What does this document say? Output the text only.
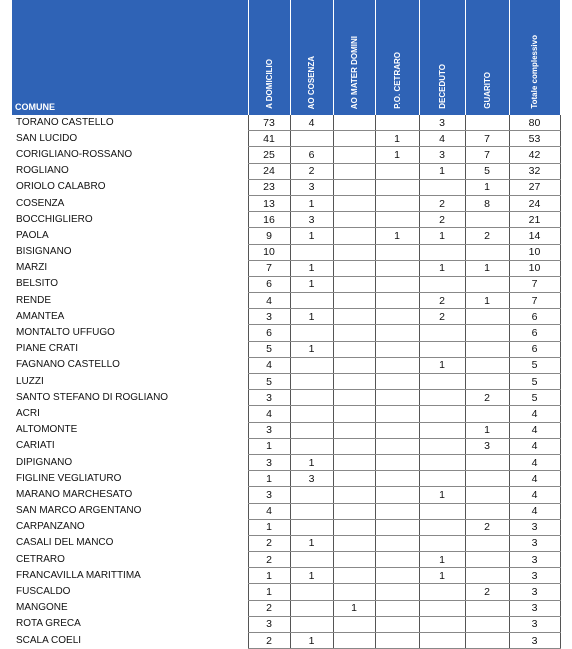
COMUNE	A DOMICILIO	AO COSENZA	AO MATER DOMINI	P.O. CETRARO	DECEDUTO	GUARITO	Totale complessivo
TORANO CASTELLO	73	4			3		80
SAN LUCIDO	41			1	4	7	53
CORIGLIANO-ROSSANO	25	6		1	3	7	42
ROGLIANO	24	2			1	5	32
ORIOLO CALABRO	23	3				1	27
COSENZA	13	1			2	8	24
BOCCHIGLIERO	16	3			2		21
PAOLA	9	1		1	1	2	14
BISIGNANO	10						10
MARZI	7	1			1	1	10
BELSITO	6	1					7
RENDE	4				2	1	7
AMANTEA	3	1			2		6
MONTALTO UFFUGO	6						6
PIANE CRATI	5	1					6
FAGNANO CASTELLO	4				1		5
LUZZI	5						5
SANTO STEFANO DI ROGLIANO	3					2	5
ACRI	4						4
ALTOMONTE	3					1	4
CARIATI	1					3	4
DIPIGNANO	3	1					4
FIGLINE VEGLIATURO	1	3					4
MARANO MARCHESATO	3				1		4
SAN MARCO ARGENTANO	4						4
CARPANZANO	1					2	3
CASALI DEL MANCO	2	1					3
CETRARO	2				1		3
FRANCAVILLA MARITTIMA	1	1			1		3
FUSCALDO	1					2	3
MANGONE	2		1				3
ROTA GRECA	3						3
SCALA COELI	2	1					3
